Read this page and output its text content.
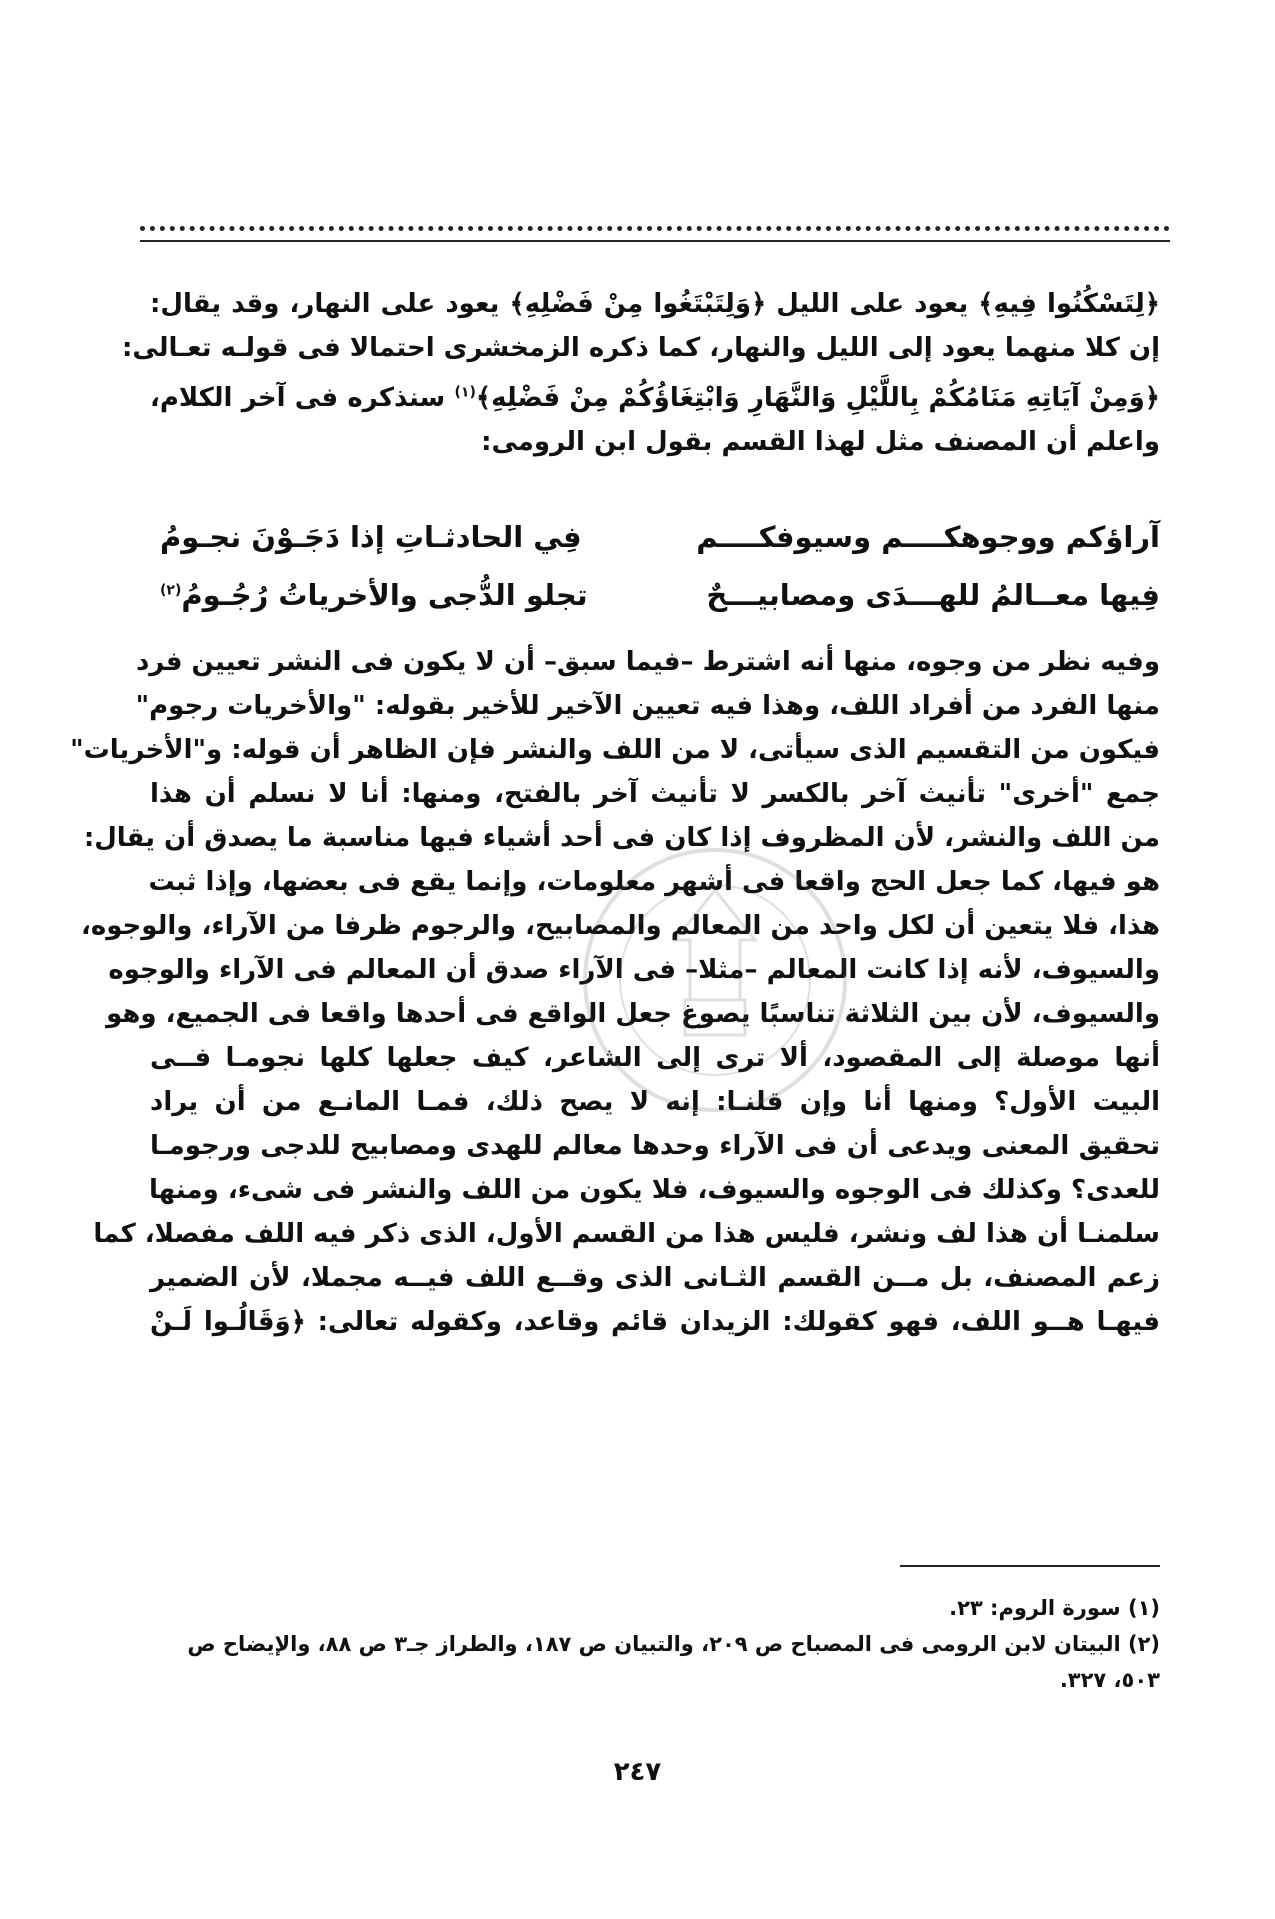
﴿لِتَسْكُنُوا فِيهِ﴾ يعود على الليل ﴿وَلِتَبْتَغُوا مِنْ فَضْلِهِ﴾ يعود على النهار، وقد يقال:
إن كلا منهما يعود إلى الليل والنهار، كما ذكره الزمخشرى احتمالا فى قولـه تعـالى:
﴿وَمِنْ آيَاتِهِ مَنَامُكُمْ بِاللَّيْلِ وَالنَّهَارِ وَابْتِغَاؤُكُمْ مِنْ فَضْلِهِ﴾$^{(١)}$ سنذكره فى آخر الكلام،
واعلم أن المصنف مثل لهذا القسم بقول ابن الرومى:
آراؤكم ووجوهكــــم وسيوفكــــم
فِي الحادثـاتِ إذا دَجَـوْنَ نجـومُ
فِيها معــالمُ للهـــدَى ومصابيـــحٌ
تجلو الدُّجى والأخرياتُ رُجُـومُ$^{(٢)}$
وفيه نظر من وجوه، منها أنه اشترط –فيما سبق– أن لا يكون فى النشر تعيين فرد
منها الفرد من أفراد اللف، وهذا فيه تعيين الآخير للأخير بقوله: "والأخريات رجوم"
فيكون من التقسيم الذى سيأتى، لا من اللف والنشر فإن الظاهر أن قوله: و"الأخريات"
جمع "أخرى" تأنيث آخر بالكسر لا تأنيث آخر بالفتح، ومنها: أنا لا نسلم أن هذا
من اللف والنشر، لأن المظروف إذا كان فى أحد أشياء فيها مناسبة ما يصدق أن يقال:
هو فيها، كما جعل الحج واقعا فى أشهر معلومات، وإنما يقع فى بعضها، وإذا ثبت
هذا، فلا يتعين أن لكل واحد من المعالم والمصابيح، والرجوم ظرفا من الآراء، والوجوه،
والسيوف، لأنه إذا كانت المعالم –مثلا– فى الآراء صدق أن المعالم فى الآراء والوجوه
والسيوف، لأن بين الثلاثة تناسبًا يصوغ جعل الواقع فى أحدها واقعا فى الجميع، وهو
أنها موصلة إلى المقصود، ألا ترى إلى الشاعر، كيف جعلها كلها نجومـا فــى
البيت الأول؟ ومنها أنا وإن قلنـا: إنه لا يصح ذلك، فمـا المانـع من أن يراد
تحقيق المعنى ويدعى أن فى الآراء وحدها معالم للهدى ومصابيح للدجى ورجومـا
للعدى؟ وكذلك فى الوجوه والسيوف، فلا يكون من اللف والنشر فى شىء، ومنها
سلمنـا أن هذا لف ونشر، فليس هذا من القسم الأول، الذى ذكر فيه اللف مفصلا، كما
زعم المصنف، بل مــن القسم الثـانى الذى وقــع اللف فيــه مجملا، لأن الضمير
فيهـا هــو اللف، فهو كقولك: الزيدان قائم وقاعد، وكقوله تعالى: ﴿وَقَالُـوا لَـنْ
(١) سورة الروم: ٢٣.
(٢) البيتان لابن الرومى فى المصباح ص ٢٠٩، والتبيان ص ١٨٧، والطراز جـ٣ ص ٨٨، والإيضاح ص
٥٠٣، ٣٢٧.
٢٤٧
